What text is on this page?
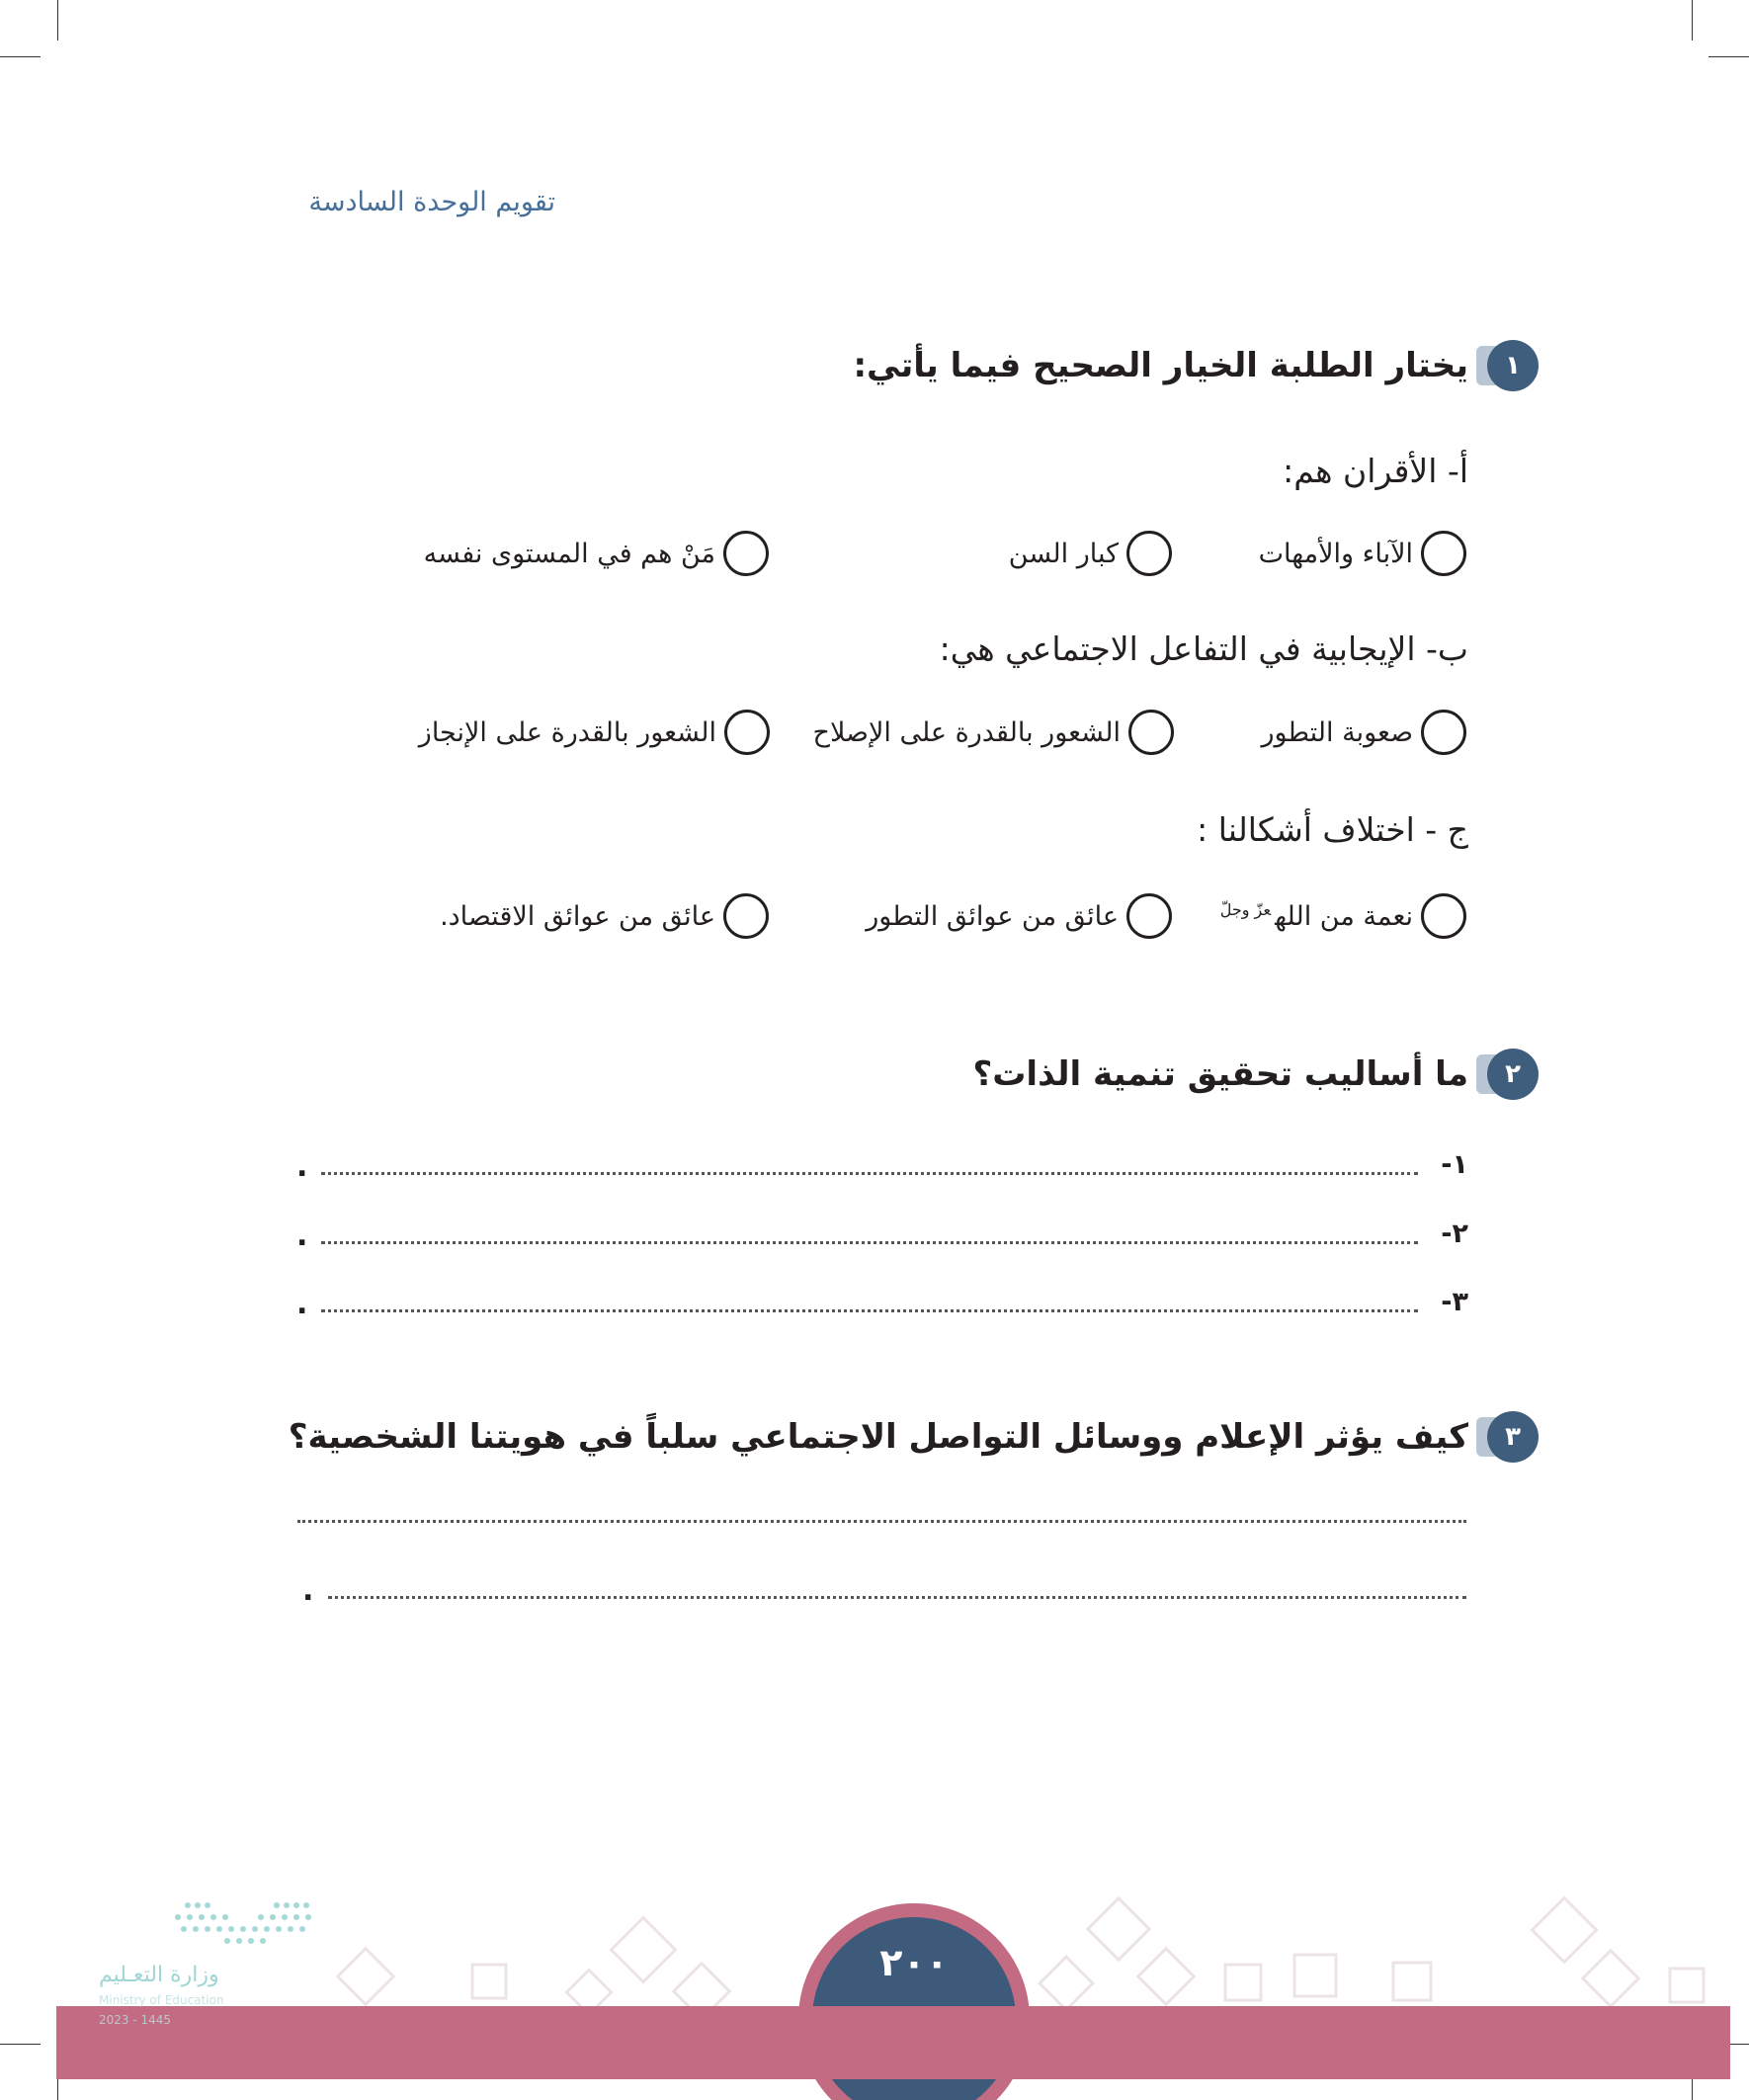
تقويم الوحدة السادسة
١
يختار الطلبة الخيار الصحيح فيما يأتي:
أ- الأقران هم:
الآباء والأمهات
كبار السن
مَنْ هم في المستوى نفسه
ب- الإيجابية في التفاعل الاجتماعي هي:
صعوبة التطور
الشعور بالقدرة على الإصلاح
الشعور بالقدرة على الإنجاز
ج - اختلاف أشكالنا :
نعمة من الله$^{عزّ وجلّ}$
عائق من عوائق التطور
عائق من عوائق الاقتصاد.
٢
ما أساليب تحقيق تنمية الذات؟
١-
.
٢-
.
٣-
.
٣
كيف يؤثر الإعلام ووسائل التواصل الاجتماعي سلباً في هويتنا الشخصية؟
.
وزارة التعـليم
Ministry of Education
2023 - 1445
٢٠٠
